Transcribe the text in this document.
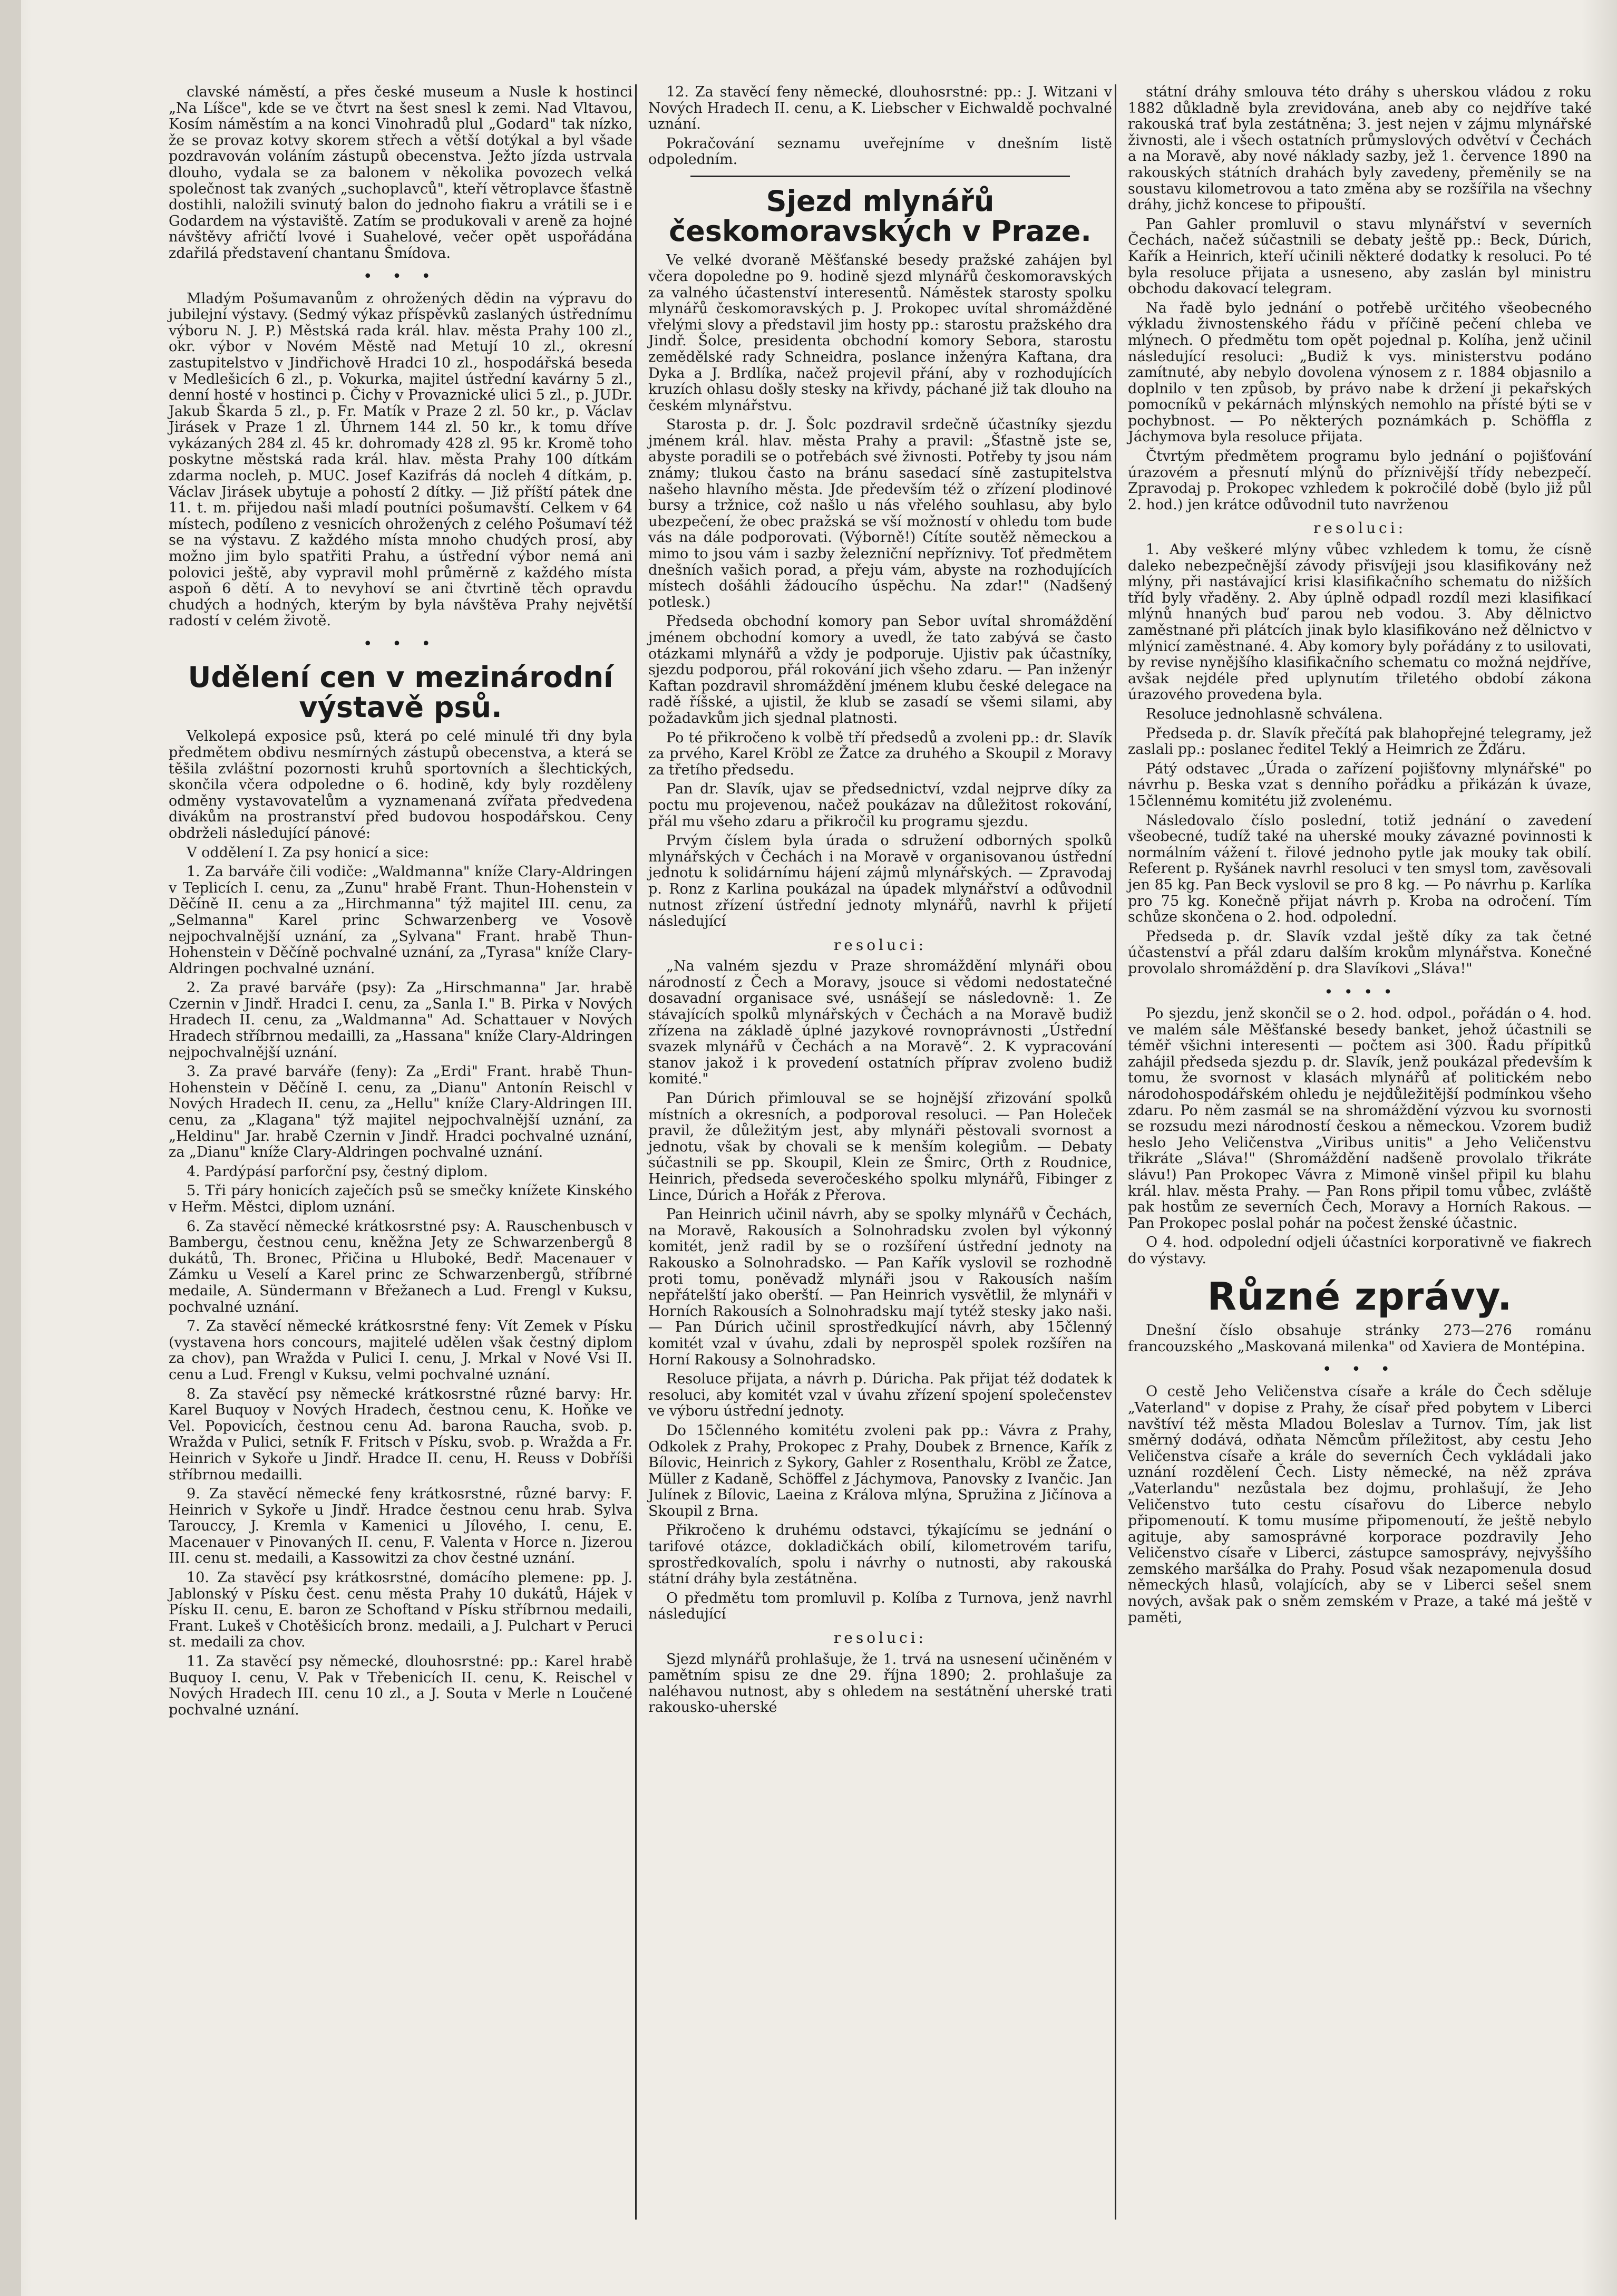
clavské náměstí, a přes české museum a Nusle k hostinci „Na Líšce", kde se ve čtvrt na šest snesl k zemi. Nad Vltavou, Kosím náměstím a na konci Vinohradů plul „Godard" tak nízko, že se provaz kotvy skorem střech a větší dotýkal a byl všade pozdravován voláním zástupů obecenstva. Ježto jízda ustrvala dlouho, vydala se za balonem v několika povozech velká společnost tak zvaných „suchoplavců", kteří větroplavce šťastně dostihli, naložili svinutý balon do jednoho fiakru a vrátili se i e Godardem na výstaviště. Zatím se produkovali v areně za hojné návštěvy afričtí lvové i Suahelové, večer opět uspořádána zdařilá představení chantanu Šmídova.
• • •
Mladým Pošumavanům z ohrožených dědin na výpravu do jubilejní výstavy. (Sedmý výkaz příspěvků zaslaných ústřednímu výboru N. J. P.) Městská rada král. hlav. města Prahy 100 zl., okr. výbor v Novém Městě nad Metují 10 zl., okresní zastupitelstvo v Jindřichově Hradci 10 zl., hospodářská beseda v Medlešicích 6 zl., p. Vokurka, majitel ústřední kavárny 5 zl., denní hosté v hostinci p. Čichy v Provaznické ulici 5 zl., p. JUDr. Jakub Škarda 5 zl., p. Fr. Matík v Praze 2 zl. 50 kr., p. Václav Jirásek v Praze 1 zl. Úhrnem 144 zl. 50 kr., k tomu dříve vykázaných 284 zl. 45 kr. dohromady 428 zl. 95 kr. Kromě toho poskytne městská rada král. hlav. města Prahy 100 dítkám zdarma nocleh, p. MUC. Josef Kazifrás dá nocleh 4 dítkám, p. Václav Jirásek ubytuje a pohostí 2 dítky. — Již příští pátek dne 11. t. m. přijedou naši mladí poutníci pošumavští. Celkem v 64 místech, podíleno z vesnicích ohrožených z celého Pošumaví též se na výstavu. Z každého místa mnoho chudých prosí, aby možno jim bylo spatřiti Prahu, a ústřední výbor nemá ani polovici ještě, aby vypravil mohl průměrně z každého místa aspoň 6 dětí. A to nevyhoví se ani čtvrtině těch opravdu chudých a hodných, kterým by byla návštěva Prahy největší radostí v celém životě.
• • •
Udělení cen v mezinárodní výstavě psů.
Velkolepá exposice psů, která po celé minulé tři dny byla předmětem obdivu nesmírných zástupů obecenstva, a která se těšila zvláštní pozornosti kruhů sportovních a šlechtických, skončila včera odpoledne o 6. hodině, kdy byly rozděleny odměny vystavovatelům a vyznamenaná zvířata předvedena divákům na prostranství před budovou hospodářskou. Ceny obdrželi následující pánové:
V oddělení I. Za psy honicí a sice:
1. Za barváře čili vodiče: „Waldmanna" kníže Clary-Aldringen v Teplicích I. cenu, za „Zunu" hrabě Frant. Thun-Hohenstein v Děčíně II. cenu a za „Hirchmanna" týž majitel III. cenu, za „Selmanna" Karel princ Schwarzenberg ve Vosově nejpochvalnější uznání, za „Sylvana" Frant. hrabě Thun-Hohenstein v Děčíně pochvalné uznání, za „Tyrasa" kníže Clary-Aldringen pochvalné uznání.
2. Za pravé barváře (psy): Za „Hirschmanna" Jar. hrabě Czernin v Jindř. Hradci I. cenu, za „Sanla I." B. Pirka v Nových Hradech II. cenu, za „Waldmanna" Ad. Schattauer v Nových Hradech stříbrnou medailli, za „Hassana" kníže Clary-Aldringen nejpochvalnější uznání.
3. Za pravé barváře (feny): Za „Erdi" Frant. hrabě Thun-Hohenstein v Děčíně I. cenu, za „Dianu" Antonín Reischl v Nových Hradech II. cenu, za „Hellu" kníže Clary-Aldringen III. cenu, za „Klagana" týž majitel nejpochvalnější uznání, za „Heldinu" Jar. hrabě Czernin v Jindř. Hradci pochvalné uznání, za „Dianu" kníže Clary-Aldringen pochvalné uznání.
4. Pardýpásí parforční psy, čestný diplom.
5. Tři páry honicích zaječích psů se smečky knížete Kinského v Heřm. Městci, diplom uznání.
6. Za stavěcí německé krátkosrstné psy: A. Rauschenbusch v Bambergu, čestnou cenu, kněžna Jety ze Schwarzenbergů 8 dukátů, Th. Bronec, Přičina u Hluboké, Bedř. Macenauer v Zámku u Veselí a Karel princ ze Schwarzenbergů, stříbrné medaile, A. Sündermann v Břežanech a Lud. Frengl v Kuksu, pochvalné uznání.
7. Za stavěcí německé krátkosrstné feny: Vít Zemek v Písku (vystavena hors concours, majitelé udělen však čestný diplom za chov), pan Wražda v Pulici I. cenu, J. Mrkal v Nové Vsi II. cenu a Lud. Frengl v Kuksu, velmi pochvalné uznání.
8. Za stavěcí psy německé krátkosrstné různé barvy: Hr. Karel Buquoy v Nových Hradech, čestnou cenu, K. Hoňke ve Vel. Popovicích, čestnou cenu Ad. barona Raucha, svob. p. Wražda v Pulici, setník F. Fritsch v Písku, svob. p. Wražda a Fr. Heinrich v Sykoře u Jindř. Hradce II. cenu, H. Reuss v Dobříši stříbrnou medailli.
9. Za stavěcí německé feny krátkosrstné, různé barvy: F. Heinrich v Sykoře u Jindř. Hradce čestnou cenu hrab. Sylva Tarouccy, J. Kremla v Kamenici u Jílového, I. cenu, E. Macenauer v Pinovaných II. cenu, F. Valenta v Horce n. Jizerou III. cenu st. medaili, a Kassowitzi za chov čestné uznání.
10. Za stavěcí psy krátkosrstné, domácího plemene: pp. J. Jablonský v Písku čest. cenu města Prahy 10 dukátů, Hájek v Písku II. cenu, E. baron ze Schoftand v Písku stříbrnou medaili, Frant. Lukeš v Chotěšicích bronz. medaili, a J. Pulchart v Peruci st. medaili za chov.
11. Za stavěcí psy německé, dlouhosrstné: pp.: Karel hrabě Buquoy I. cenu, V. Pak v Třebenicích II. cenu, K. Reischel v Nových Hradech III. cenu 10 zl., a J. Souta v Merle n Loučené pochvalné uznání.
12. Za stavěcí feny německé, dlouhosrstné: pp.: J. Witzani v Nových Hradech II. cenu, a K. Liebscher v Eichwaldě pochvalné uznání.
Pokračování seznamu uveřejníme v dnešním listě odpoledním.
Sjezd mlynářů českomoravských v Praze.
Ve velké dvoraně Měšťanské besedy pražské zahájen byl včera dopoledne po 9. hodině sjezd mlynářů českomoravských za valného účastenství interesentů. Náměstek starosty spolku mlynářů českomoravských p. J. Prokopec uvítal shromážděné vřelými slovy a představil jim hosty pp.: starostu pražského dra Jindř. Šolce, presidenta obchodní komory Sebora, starostu zemědělské rady Schneidra, poslance inženýra Kaftana, dra Dyka a J. Brdlíka, načež projevil přání, aby v rozhodujících kruzích ohlasu došly stesky na křivdy, páchané již tak dlouho na českém mlynářstvu.
Starosta p. dr. J. Šolc pozdravil srdečně účastníky sjezdu jménem král. hlav. města Prahy a pravil: „Šťastně jste se, abyste poradili se o potřebách své živnosti. Potřeby ty jsou nám známy; tlukou často na bránu sasedací síně zastupitelstva našeho hlavního města. Jde především též o zřízení plodinové bursy a tržnice, což našlo u nás vřelého souhlasu, aby bylo ubezpečení, že obec pražská se vší možností v ohledu tom bude vás na dále podporovati. (Výborně!) Cítíte soutěž německou a mimo to jsou vám i sazby železniční nepříznivy. Toť předmětem dnešních vašich porad, a přeju vám, abyste na rozhodujících místech došáhli žádoucího úspěchu. Na zdar!" (Nadšený potlesk.)
Předseda obchodní komory pan Sebor uvítal shromáždění jménem obchodní komory a uvedl, že tato zabývá se často otázkami mlynářů a vždy je podporuje. Ujistiv pak účastníky, sjezdu podporou, přál rokování jich všeho zdaru. — Pan inženýr Kaftan pozdravil shromáždění jménem klubu české delegace na radě říšské, a ujistil, že klub se zasadí se všemi silami, aby požadavkům jich sjednal platnosti.
Po té přikročeno k volbě tří předsedů a zvoleni pp.: dr. Slavík za prvého, Karel Kröbl ze Žatce za druhého a Skoupil z Moravy za třetího předsedu.
Pan dr. Slavík, ujav se předsednictví, vzdal nejprve díky za poctu mu projevenou, načež poukázav na důležitost rokování, přál mu všeho zdaru a přikročil ku programu sjezdu.
Prvým číslem byla úrada o sdružení odborných spolků mlynářských v Čechách i na Moravě v organisovanou ústřední jednotu k solidárnímu hájení zájmů mlynářských. — Zpravodaj p. Ronz z Karlina poukázal na úpadek mlynářství a odůvodnil nutnost zřízení ústřední jednoty mlynářů, navrhl k přijetí následující
resoluci:
„Na valném sjezdu v Praze shromáždění mlynáři obou národností z Čech a Moravy, jsouce si vědomi nedostatečné dosavadní organisace své, usnášejí se následovně: 1. Ze stávajících spolků mlynářských v Čechách a na Moravě budiž zřízena na základě úplné jazykové rovnoprávnosti „Ústřední svazek mlynářů v Čechách a na Moravě“. 2. K vypracování stanov jakož i k provedení ostatních příprav zvoleno budiž komité."
Pan Dúrich přimlouval se se hojnější zřizování spolků místních a okresních, a podporoval resoluci. — Pan Holeček pravil, že důležitým jest, aby mlynáři pěstovali svornost a jednotu, však by chovali se k menším kolegiům. — Debaty súčastnili se pp. Skoupil, Klein ze Šmirc, Orth z Roudnice, Heinrich, předseda severočeského spolku mlynářů, Fibinger z Lince, Dúrich a Hořák z Přerova.
Pan Heinrich učinil návrh, aby se spolky mlynářů v Čechách, na Moravě, Rakousích a Solnohradsku zvolen byl výkonný komitét, jenž radil by se o rozšíření ústřední jednoty na Rakousko a Solnohradsko. — Pan Kařík vyslovil se rozhodně proti tomu, poněvadž mlynáři jsou v Rakousích naším nepřátelští jako oberští. — Pan Heinrich vysvětlil, že mlynáři v Horních Rakousích a Solnohradsku mají tytéž stesky jako naši. — Pan Dúrich učinil sprostředkující návrh, aby 15členný komitét vzal v úvahu, zdali by neprospěl spolek rozšířen na Horní Rakousy a Solnohradsko.
Resoluce přijata, a návrh p. Dúricha. Pak přijat též dodatek k resoluci, aby komitét vzal v úvahu zřízení spojení společenstev ve výboru ústřední jednoty.
Do 15členného komitétu zvoleni pak pp.: Vávra z Prahy, Odkolek z Prahy, Prokopec z Prahy, Doubek z Brnence, Kařík z Bílovic, Heinrich z Sykory, Gahler z Rosenthalu, Kröbl ze Žatce, Müller z Kadaně, Schöffel z Jáchymova, Panovsky z Ivančic. Jan Julínek z Bílovic, Laeina z Králova mlýna, Spružina z Jičínova a Skoupil z Brna.
Přikročeno k druhému odstavci, týkajícímu se jednání o tarifové otázce, dokladičkách obilí, kilometrovém tarifu, sprostředkovalích, spolu i návrhy o nutnosti, aby rakouská státní dráhy byla zestátněna.
O předmětu tom promluvil p. Kolíba z Turnova, jenž navrhl následující
resoluci:
Sjezd mlynářů prohlašuje, že 1. trvá na usnesení učiněném v pamětním spisu ze dne 29. října 1890; 2. prohlašuje za naléhavou nutnost, aby s ohledem na sestátnění uherské trati rakousko-uherské
státní dráhy smlouva této dráhy s uherskou vládou z roku 1882 důkladně byla zrevidována, aneb aby co nejdříve také rakouská trať byla zestátněna; 3. jest nejen v zájmu mlynářské živnosti, ale i všech ostatních průmyslových odvětví v Čechách a na Moravě, aby nové náklady sazby, jež 1. července 1890 na rakouských státních drahách byly zavedeny, přeměnily se na soustavu kilometrovou a tato změna aby se rozšířila na všechny dráhy, jichž koncese to připouští.
Pan Gahler promluvil o stavu mlynářství v severních Čechách, načež súčastnili se debaty ještě pp.: Beck, Dúrich, Kařík a Heinrich, kteří učinili některé dodatky k resoluci. Po té byla resoluce přijata a usneseno, aby zaslán byl ministru obchodu dakovací telegram.
Na řadě bylo jednání o potřebě určitého všeobecného výkladu živnostenského řádu v příčině pečení chleba ve mlýnech. O předmětu tom opět pojednal p. Kolíha, jenž učinil následující resoluci: „Budiž k vys. ministerstvu podáno zamítnuté, aby nebylo dovolena výnosem z r. 1884 objasnilo a doplnilo v ten způsob, by právo nabe k držení ji pekařských pomocníků v pekárnách mlýnských nemohlo na přísté býti se v pochybnost. — Po některých poznámkách p. Schöffla z Jáchymova byla resoluce přijata.
Čtvrtým předmětem programu bylo jednání o pojišťování úrazovém a přesnutí mlýnů do příznivější třídy nebezpečí. Zpravodaj p. Prokopec vzhledem k pokročilé době (bylo již půl 2. hod.) jen krátce odůvodnil tuto navrženou
resoluci:
1. Aby veškeré mlýny vůbec vzhledem k tomu, že císně daleko nebezpečnější závody přisvíjeji jsou klasifikovány než mlýny, při nastávající krisi klasifikačního schematu do nižších tříd byly vřaděny. 2. Aby úplně odpadl rozdíl mezi klasifikací mlýnů hnaných buď parou neb vodou. 3. Aby dělnictvo zaměstnané při plátcích jinak bylo klasifikováno než dělnictvo v mlýnicí zaměstnané. 4. Aby komory byly pořádány z to usilovati, by revise nynějšího klasifikačního schematu co možná nejdříve, avšak nejdéle před uplynutím třiletého období zákona úrazového provedena byla.
Resoluce jednohlasně schválena.
Předseda p. dr. Slavík přečítá pak blahopřejné telegramy, jež zaslali pp.: poslanec ředitel Teklý a Heimrich ze Žďáru.
Pátý odstavec „Úrada o zařízení pojišťovny mlynářské" po návrhu p. Beska vzat s denního pořádku a přikázán k úvaze, 15člennému komitétu již zvolenému.
Následovalo číslo poslední, totiž jednání o zavedení všeobecné, tudíž také na uherské mouky závazné povinnosti k normálním vážení t. řilové jednoho pytle jak mouky tak obilí. Referent p. Ryšánek navrhl resoluci v ten smysl tom, zavěsovali jen 85 kg. Pan Beck vyslovil se pro 8 kg. — Po návrhu p. Karlíka pro 75 kg. Konečně přijat návrh p. Kroba na odročení. Tím schůze skončena o 2. hod. odpolední.
Předseda p. dr. Slavík vzdal ještě díky za tak četné účastenství a přál zdaru dalším krokům mlynářstva. Konečné provolalo shromáždění p. dra Slavíkovi „Sláva!"
• • • •
Po sjezdu, jenž skončil se o 2. hod. odpol., pořádán o 4. hod. ve malém sále Měšťanské besedy banket, jehož účastnili se téměř všichni interesenti — počtem asi 300. Řadu přípitků zahájil předseda sjezdu p. dr. Slavík, jenž poukázal především k tomu, že svornost v klasách mlynářů ať politickém nebo národohospodářském ohledu je nejdůležitější podmínkou všeho zdaru. Po něm zasmál se na shromáždění výzvou ku svornosti se rozsudu mezi národností českou a německou. Vzorem budiž heslo Jeho Veličenstva „Viribus unitis" a Jeho Veličenstvu třikráte „Sláva!" (Shromáždění nadšeně provolalo třikráte slávu!) Pan Prokopec Vávra z Mimoně vinšel připil ku blahu král. hlav. města Prahy. — Pan Rons připil tomu vůbec, zvláště pak hostům ze severních Čech, Moravy a Horních Rakous. — Pan Prokopec poslal pohár na počest ženské účastnic.
O 4. hod. odpolední odjeli účastníci korporativně ve fiakrech do výstavy.
Různé zprávy.
Dnešní číslo obsahuje stránky 273—276 románu francouzského „Maskovaná milenka" od Xaviera de Montépina.
• • •
O cestě Jeho Veličenstva císaře a krále do Čech sděluje „Vaterland" v dopise z Prahy, že císař před pobytem v Liberci navštíví též města Mladou Boleslav a Turnov. Tím, jak list směrný dodává, odňata Němcům příležitost, aby cestu Jeho Veličenstva císaře a krále do severních Čech vykládali jako uznání rozdělení Čech. Listy německé, na něž zpráva „Vaterlandu" nezůstala bez dojmu, prohlašují, že Jeho Veličenstvo tuto cestu císařovu do Liberce nebylo připomenoutí. K tomu musíme připomenoutí, že ještě nebylo agituje, aby samosprávné korporace pozdravily Jeho Veličenstvo císaře v Liberci, zástupce samosprávy, nejvyššího zemského maršálka do Prahy. Posud však nezapomenula dosud německých hlasů, volajících, aby se v Liberci sešel snem nových, avšak pak o sněm zemském v Praze, a také má ještě v paměti,
